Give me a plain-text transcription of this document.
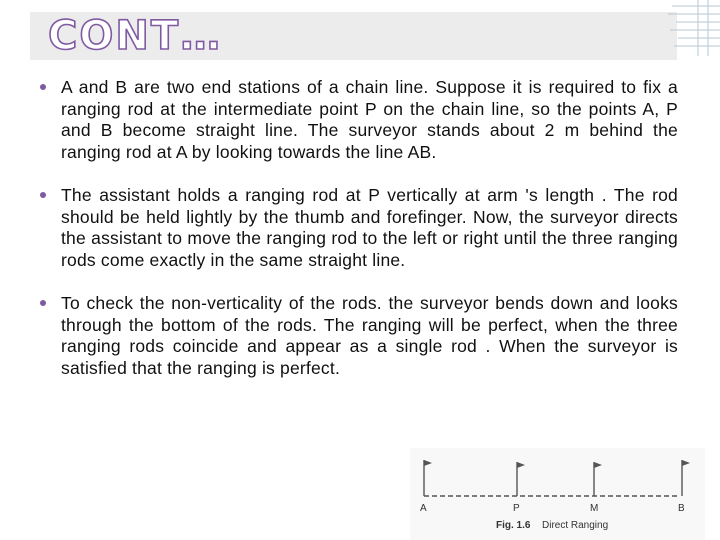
CONT…
A and B are two end stations of a chain line. Suppose it is required to fix a ranging rod at the intermediate point P on the chain line, so the points A, P and B become straight line. The surveyor stands about 2 m behind the ranging rod at A by looking towards the line AB.
The assistant holds a ranging rod at P vertically at arm 's length . The rod should be held lightly by the thumb and forefinger. Now, the surveyor directs the assistant to move the ranging rod to the left or right until the three ranging rods come exactly in the same straight line.
To check the non-verticality of the rods. the surveyor bends down and looks through the bottom of the rods. The ranging will be perfect, when the three ranging rods coincide and appear as a single rod . When the surveyor is satisfied that the ranging is perfect.
A	P	M	B
Fig. 1.6 Direct Ranging
